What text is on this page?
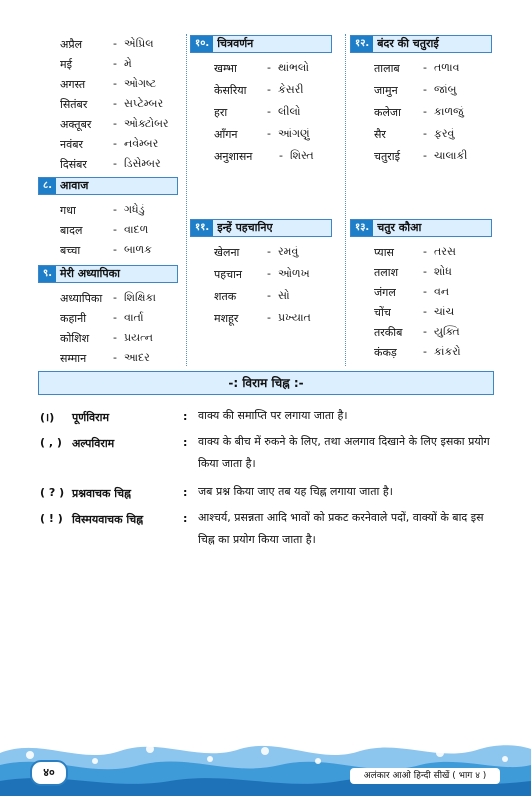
अप्रैल	- એપ્રિલ
मई	- મે
अगस्त	- ઓગષ્ટ
सितंबर	- સપ્ટેમ્બર
अक्तूबर	- ઓક્ટોબર
नवंबर	- નવેમ્બર
दिसंबर	- ડિસેમ્બર
८. आवाज
गधा	- ગધેડું
बादल	- વાદળ
बच्चा	- બાળક
९. मेरी अध्यापिका
अध्यापिका - શિક્ષિકા
कहानी	- વાર્તા
कोशिश	- પ્રયત્ન
सम्मान	- આદર
१०. चित्रवर्णन
खम्भा	- થાંભલો
केसरिया	- કેસરી
हरा	- લીલો
आँगन	- આંગણું
अनुशासन	- શિસ્ત
११. इन्हें पहचानिए
खेलना	- રમવું
पहचान	- ઓળખ
शतक	- સો
मशहूर	- પ્રખ્યાત
१२. बंदर की चतुराई
तालाब	- તળાવ
जामुन	- જાંબુ
कलेजा	- કાળજું
सैर	- ફરવું
चतुराई	- ચાલાકી
१३. चतुर कौआ
प्यास	- તરસ
तलाश	- શોધ
जंगल	- વન
चोंच	- ચાંચ
तरकीब	- યુક્તિ
कंकड़	- કાંકરો
-: विराम चिह्न :-
(।)	पूर्णविराम	: वाक्य की समाप्ति पर लगाया जाता है।
( , ) अल्पविराम	: वाक्य के बीच में रुकने के लिए, तथा अलगाव दिखाने के लिए इसका प्रयोग किया जाता है।
( ? ) प्रश्नवाचक चिह्न	: जब प्रश्न किया जाए तब यह चिह्न लगाया जाता है।
( ! ) विस्मयवाचक चिह्न	: आश्चर्य, प्रसन्नता आदि भावों को प्रकट करनेवाले पदों, वाक्यों के बाद इस चिह्न का प्रयोग किया जाता है।
४०	अलंकार आओ हिन्दी सीखें ( भाग ४ )
